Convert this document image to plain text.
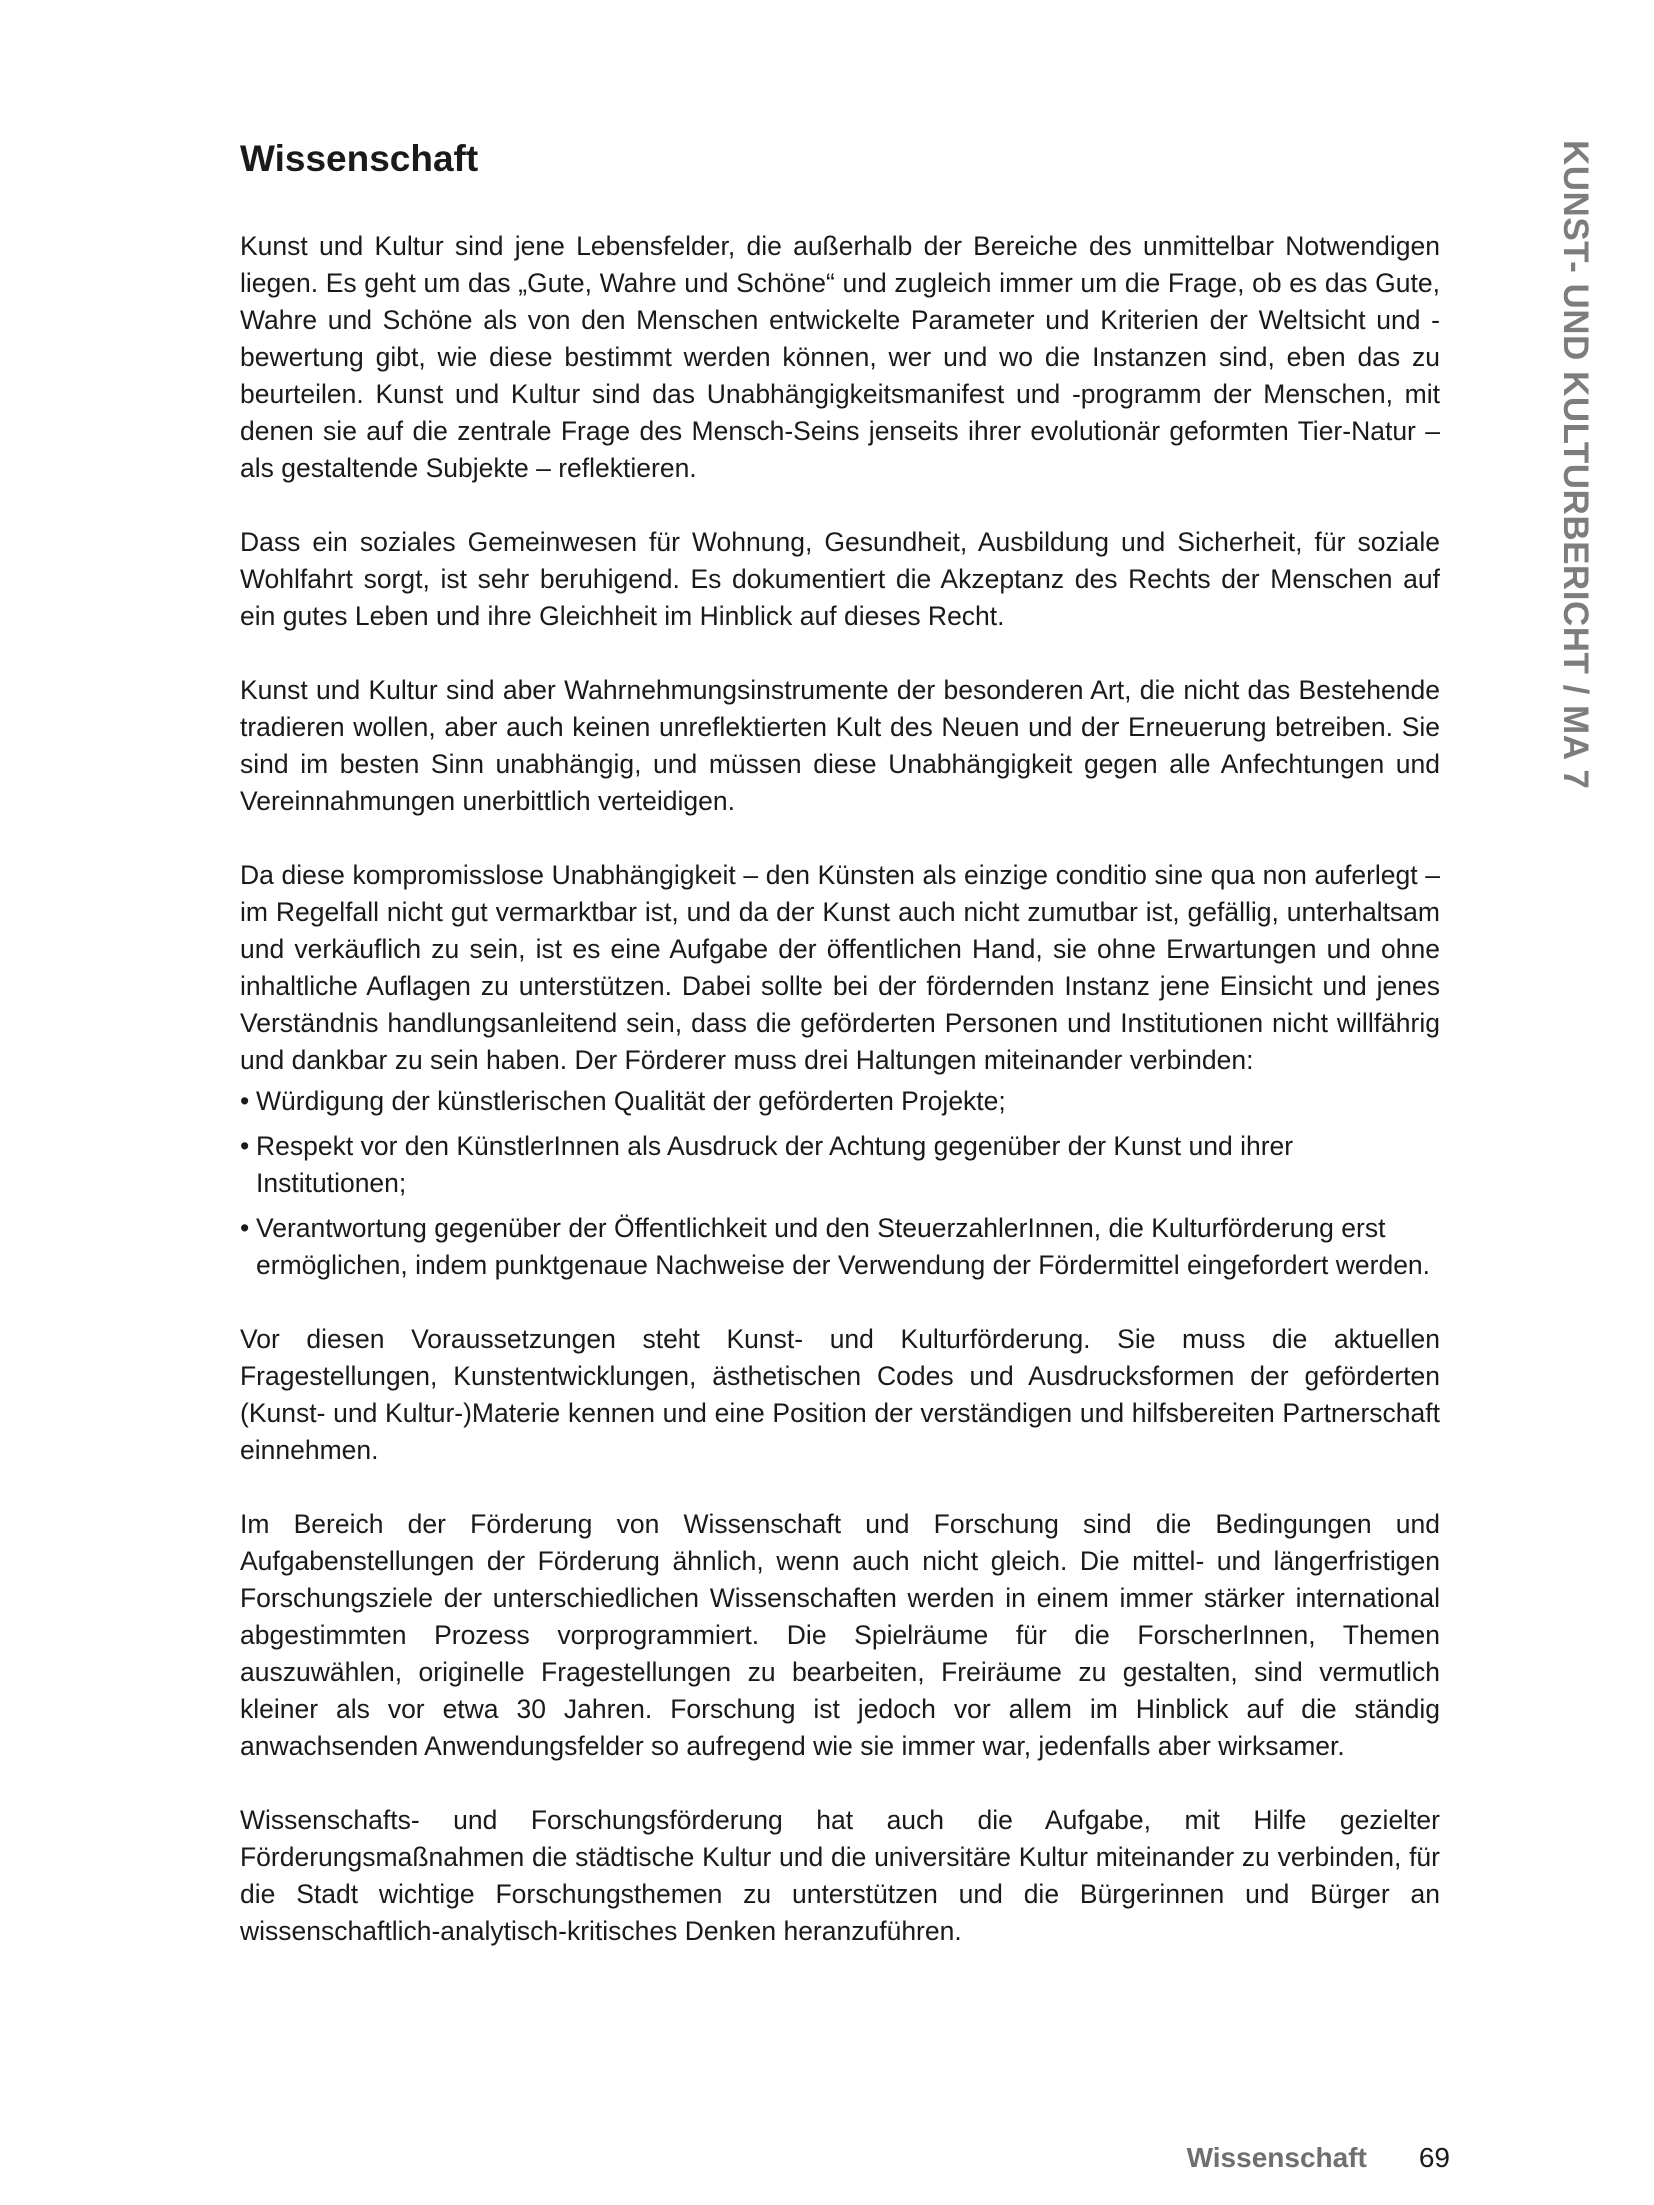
Wissenschaft

Kunst und Kultur sind jene Lebensfelder, die außerhalb der Bereiche des unmittelbar Notwendigen liegen. Es geht um das „Gute, Wahre und Schöne“ und zugleich immer um die Frage, ob es das Gute, Wahre und Schöne als von den Menschen entwickelte Parameter und Kriterien der Weltsicht und -bewertung gibt, wie diese bestimmt werden können, wer und wo die Instanzen sind, eben das zu beurteilen. Kunst und Kultur sind das Unabhängigkeitsmanifest und -programm der Menschen, mit denen sie auf die zentrale Frage des Mensch-Seins jenseits ihrer evolutionär geformten Tier-Natur – als gestaltende Subjekte – reflektieren.

Dass ein soziales Gemeinwesen für Wohnung, Gesundheit, Ausbildung und Sicherheit, für soziale Wohlfahrt sorgt, ist sehr beruhigend. Es dokumentiert die Akzeptanz des Rechts der Menschen auf ein gutes Leben und ihre Gleichheit im Hinblick auf dieses Recht.

Kunst und Kultur sind aber Wahrnehmungsinstrumente der besonderen Art, die nicht das Bestehende tradieren wollen, aber auch keinen unreflektierten Kult des Neuen und der Erneuerung betreiben. Sie sind im besten Sinn unabhängig, und müssen diese Unabhängigkeit gegen alle Anfechtungen und Vereinnahmungen unerbittlich verteidigen.

Da diese kompromisslose Unabhängigkeit – den Künsten als einzige conditio sine qua non auferlegt – im Regelfall nicht gut vermarktbar ist, und da der Kunst auch nicht zumutbar ist, gefällig, unterhaltsam und verkäuflich zu sein, ist es eine Aufgabe der öffentlichen Hand, sie ohne Erwartungen und ohne inhaltliche Auflagen zu unterstützen. Dabei sollte bei der fördernden Instanz jene Einsicht und jenes Verständnis handlungsanleitend sein, dass die geförderten Personen und Institutionen nicht willfährig und dankbar zu sein haben. Der Förderer muss drei Haltungen miteinander verbinden:

• Würdigung der künstlerischen Qualität der geförderten Projekte;
• Respekt vor den KünstlerInnen als Ausdruck der Achtung gegenüber der Kunst und ihrer Institutionen;
• Verantwortung gegenüber der Öffentlichkeit und den SteuerzahlerInnen, die Kulturförderung erst ermöglichen, indem punktgenaue Nachweise der Verwendung der Fördermittel eingefordert werden.

Vor diesen Voraussetzungen steht Kunst- und Kulturförderung. Sie muss die aktuellen Fragestellungen, Kunstentwicklungen, ästhetischen Codes und Ausdrucksformen der geförderten (Kunst- und Kultur-)Materie kennen und eine Position der verständigen und hilfsbereiten Partnerschaft einnehmen.

Im Bereich der Förderung von Wissenschaft und Forschung sind die Bedingungen und Aufgabenstellungen der Förderung ähnlich, wenn auch nicht gleich. Die mittel- und längerfristigen Forschungsziele der unterschiedlichen Wissenschaften werden in einem immer stärker international abgestimmten Prozess vorprogrammiert. Die Spielräume für die ForscherInnen, Themen auszuwählen, originelle Fragestellungen zu bearbeiten, Freiräume zu gestalten, sind vermutlich kleiner als vor etwa 30 Jahren. Forschung ist jedoch vor allem im Hinblick auf die ständig anwachsenden Anwendungsfelder so aufregend wie sie immer war, jedenfalls aber wirksamer.

Wissenschafts- und Forschungsförderung hat auch die Aufgabe, mit Hilfe gezielter Förderungsmaßnahmen die städtische Kultur und die universitäre Kultur miteinander zu verbinden, für die Stadt wichtige Forschungsthemen zu unterstützen und die Bürgerinnen und Bürger an wissenschaftlich-analytisch-kritisches Denken heranzuführen.

KUNST- UND KULTURBERICHT / MA 7
Wissenschaft 69
